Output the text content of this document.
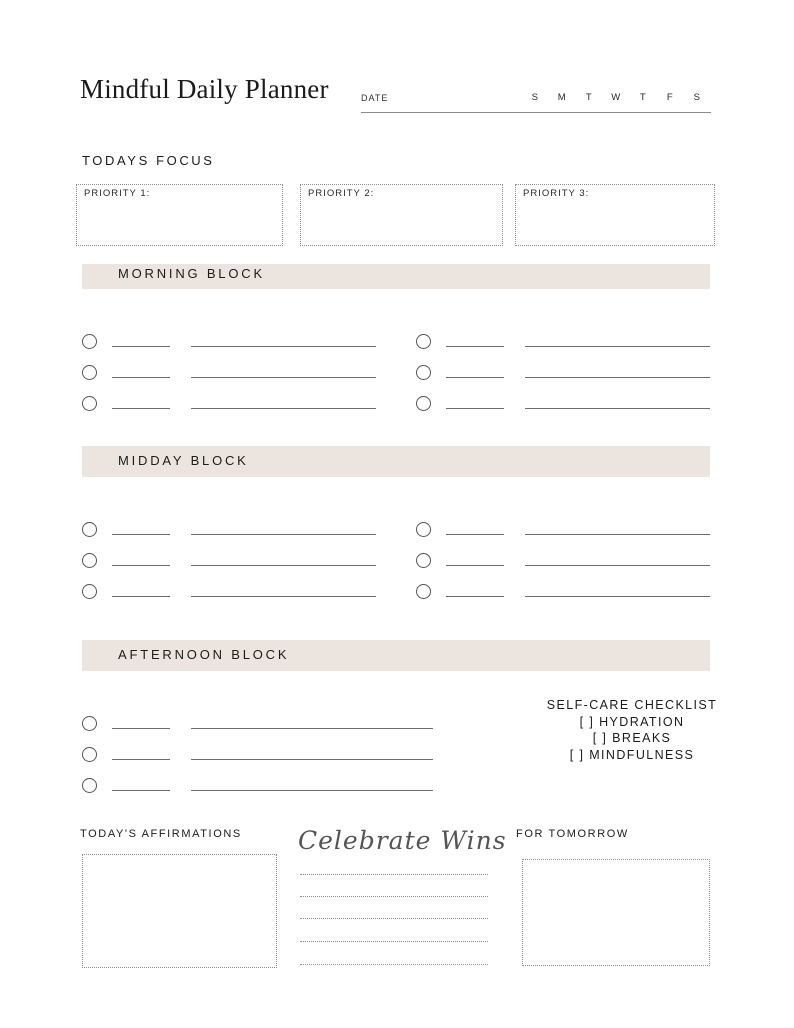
Mindful Daily Planner	DATE	S	M	T	W	T	F	S
TODAYS FOCUS
PRIORITY 1:	PRIORITY 2:	PRIORITY 3:
MORNING BLOCK
MIDDAY BLOCK
AFTERNOON BLOCK
SELF-CARE CHECKLIST
[ ] HYDRATION
[ ] BREAKS
[ ] MINDFULNESS
TODAY'S AFFIRMATIONS Celebrate Wins FOR TOMORROW
